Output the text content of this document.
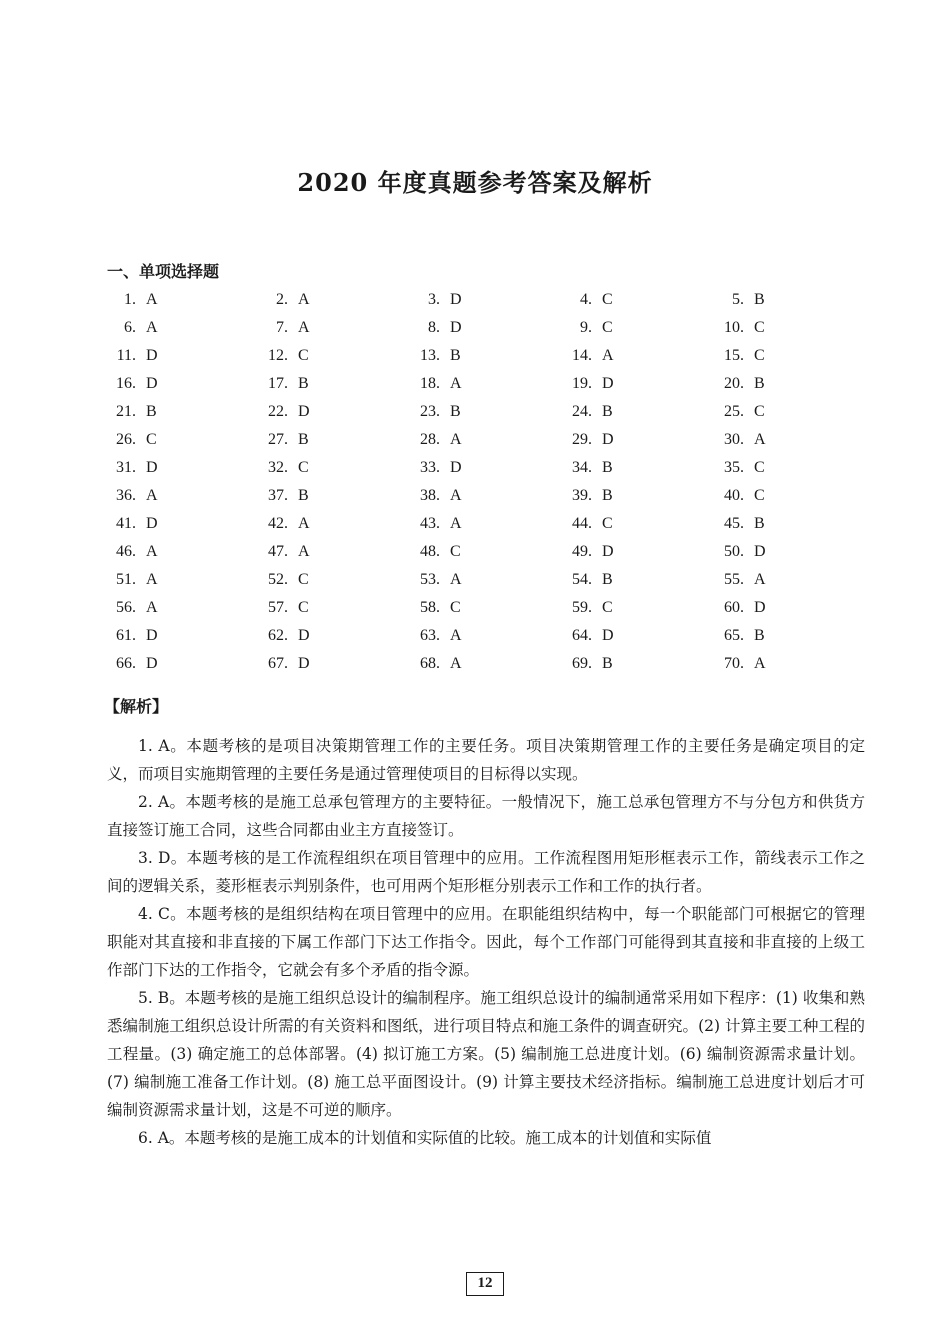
2020 年度真题参考答案及解析
一、单项选择题
1. A	2. A	3. D	4. C	5. B
6. A	7. A	8. D	9. C	10. C
11. D	12. C	13. B	14. A	15. C
16. D	17. B	18. A	19. D	20. B
21. B	22. D	23. B	24. B	25. C
26. C	27. B	28. A	29. D	30. A
31. D	32. C	33. D	34. B	35. C
36. A	37. B	38. A	39. B	40. C
41. D	42. A	43. A	44. C	45. B
46. A	47. A	48. C	49. D	50. D
51. A	52. C	53. A	54. B	55. A
56. A	57. C	58. C	59. C	60. D
61. D	62. D	63. A	64. D	65. B
66. D	67. D	68. A	69. B	70. A
【解析】

1. A。本题考核的是项目决策期管理工作的主要任务。项目决策期管理工作的主要任务是确定项目的定义，而项目实施期管理的主要任务是通过管理使项目的目标得以实现。

2. A。本题考核的是施工总承包管理方的主要特征。一般情况下，施工总承包管理方不与分包方和供货方直接签订施工合同，这些合同都由业主方直接签订。

3. D。本题考核的是工作流程组织在项目管理中的应用。工作流程图用矩形框表示工作，箭线表示工作之间的逻辑关系，菱形框表示判别条件，也可用两个矩形框分别表示工作和工作的执行者。

4. C。本题考核的是组织结构在项目管理中的应用。在职能组织结构中，每一个职能部门可根据它的管理职能对其直接和非直接的下属工作部门下达工作指令。因此，每个工作部门可能得到其直接和非直接的上级工作部门下达的工作指令，它就会有多个矛盾的指令源。

5. B。本题考核的是施工组织总设计的编制程序。施工组织总设计的编制通常采用如下程序：(1) 收集和熟悉编制施工组织总设计所需的有关资料和图纸，进行项目特点和施工条件的调查研究。(2) 计算主要工种工程的工程量。(3) 确定施工的总体部署。(4) 拟订施工方案。(5) 编制施工总进度计划。(6) 编制资源需求量计划。(7) 编制施工准备工作计划。(8) 施工总平面图设计。(9) 计算主要技术经济指标。编制施工总进度计划后才可编制资源需求量计划，这是不可逆的顺序。

6. A。本题考核的是施工成本的计划值和实际值的比较。施工成本的计划值和实际值

12
